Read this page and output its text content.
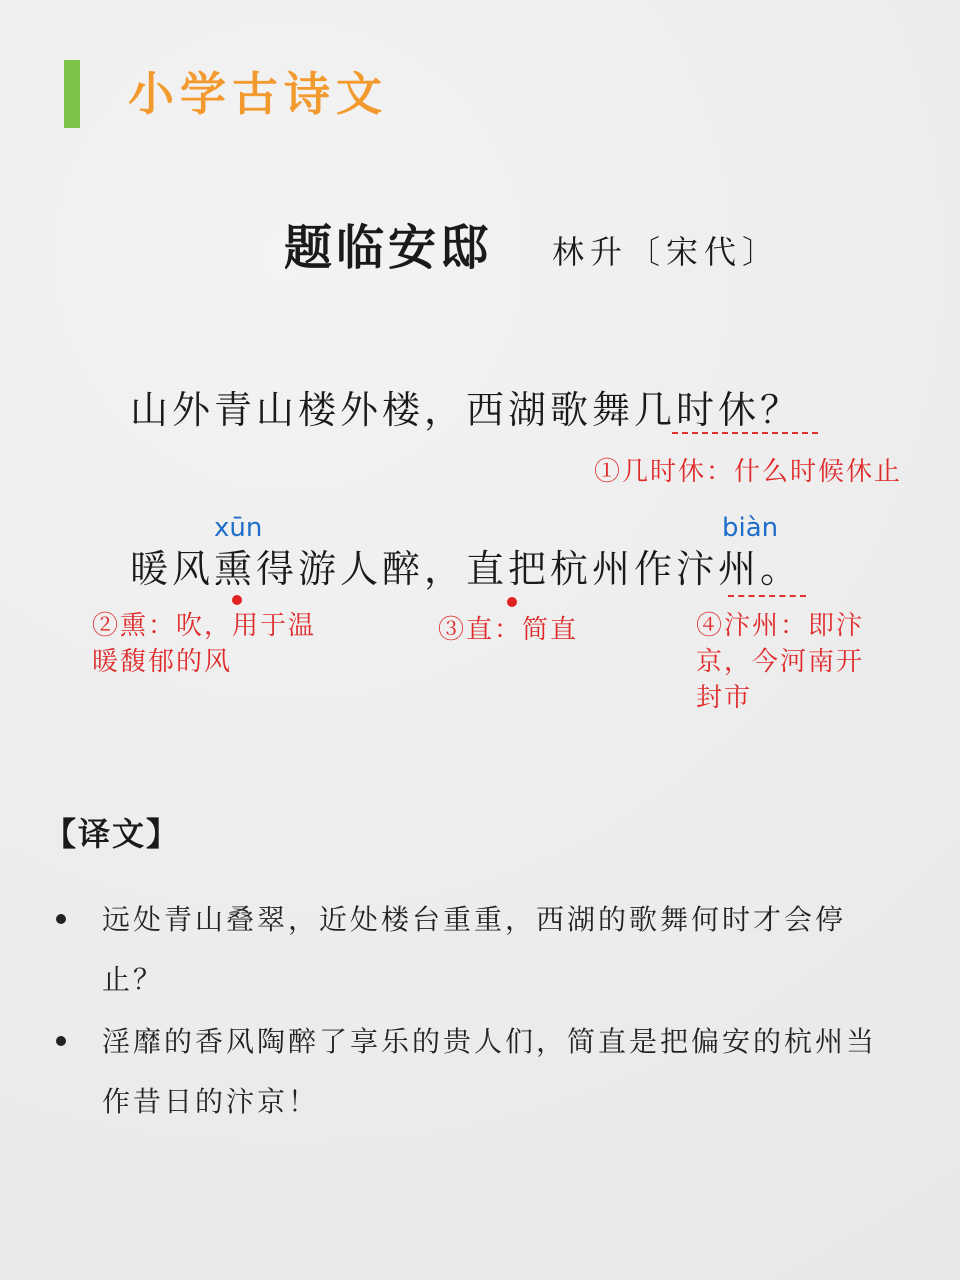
小学古诗文
题临安邸 林升〔宋代〕
xūn	biàn
山外青山楼外楼，西湖歌舞几时休？
①几时休：什么时候休止
暖风熏得游人醉，直把杭州作汴州。
②熏：吹，用于温暖馥郁的风
③直：简直	④汴州：即汴京，今河南开封市
【译文】
远处青山叠翠，近处楼台重重，西湖的歌舞何时才会停止？
淫靡的香风陶醉了享乐的贵人们，简直是把偏安的杭州当作昔日的汴京！
